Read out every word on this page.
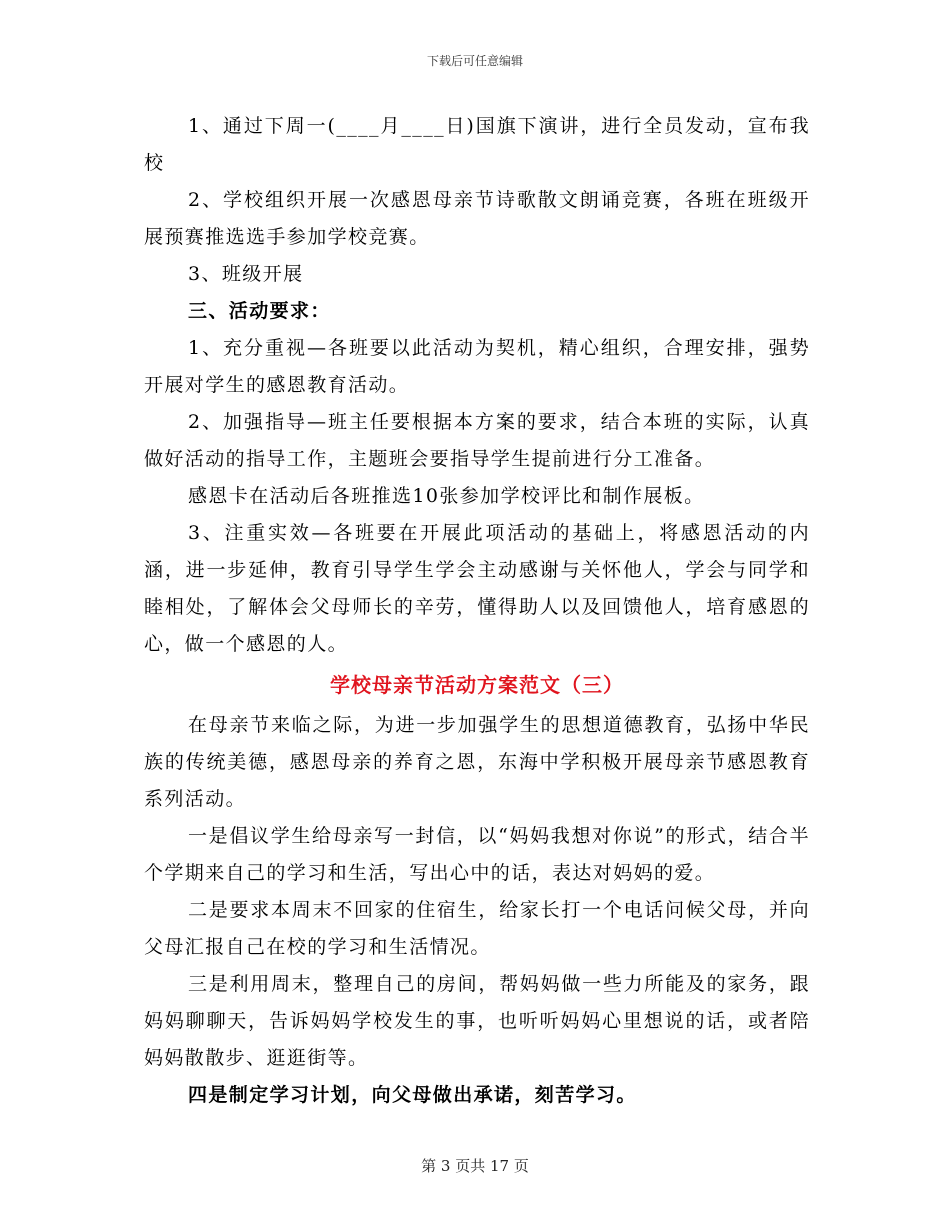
下载后可任意编辑

1、通过下周一(____月____日)国旗下演讲，进行全员发动，宣布我校

2、学校组织开展一次感恩母亲节诗歌散文朗诵竞赛，各班在班级开展预赛推选选手参加学校竞赛。

3、班级开展

三、活动要求：

1、充分重视—各班要以此活动为契机，精心组织，合理安排，强势开展对学生的感恩教育活动。

2、加强指导—班主任要根据本方案的要求，结合本班的实际，认真做好活动的指导工作，主题班会要指导学生提前进行分工准备。

感恩卡在活动后各班推选10张参加学校评比和制作展板。

3、注重实效—各班要在开展此项活动的基础上，将感恩活动的内涵，进一步延伸，教育引导学生学会主动感谢与关怀他人，学会与同学和睦相处，了解体会父母师长的辛劳，懂得助人以及回馈他人，培育感恩的心，做一个感恩的人。

学校母亲节活动方案范文（三）

在母亲节来临之际，为进一步加强学生的思想道德教育，弘扬中华民族的传统美德，感恩母亲的养育之恩，东海中学积极开展母亲节感恩教育系列活动。

一是倡议学生给母亲写一封信，以“妈妈我想对你说”的形式，结合半个学期来自己的学习和生活，写出心中的话，表达对妈妈的爱。

二是要求本周末不回家的住宿生，给家长打一个电话问候父母，并向父母汇报自己在校的学习和生活情况。

三是利用周末，整理自己的房间，帮妈妈做一些力所能及的家务，跟妈妈聊聊天，告诉妈妈学校发生的事，也听听妈妈心里想说的话，或者陪妈妈散散步、逛逛街等。

四是制定学习计划，向父母做出承诺，刻苦学习。

第 3 页共 17 页
